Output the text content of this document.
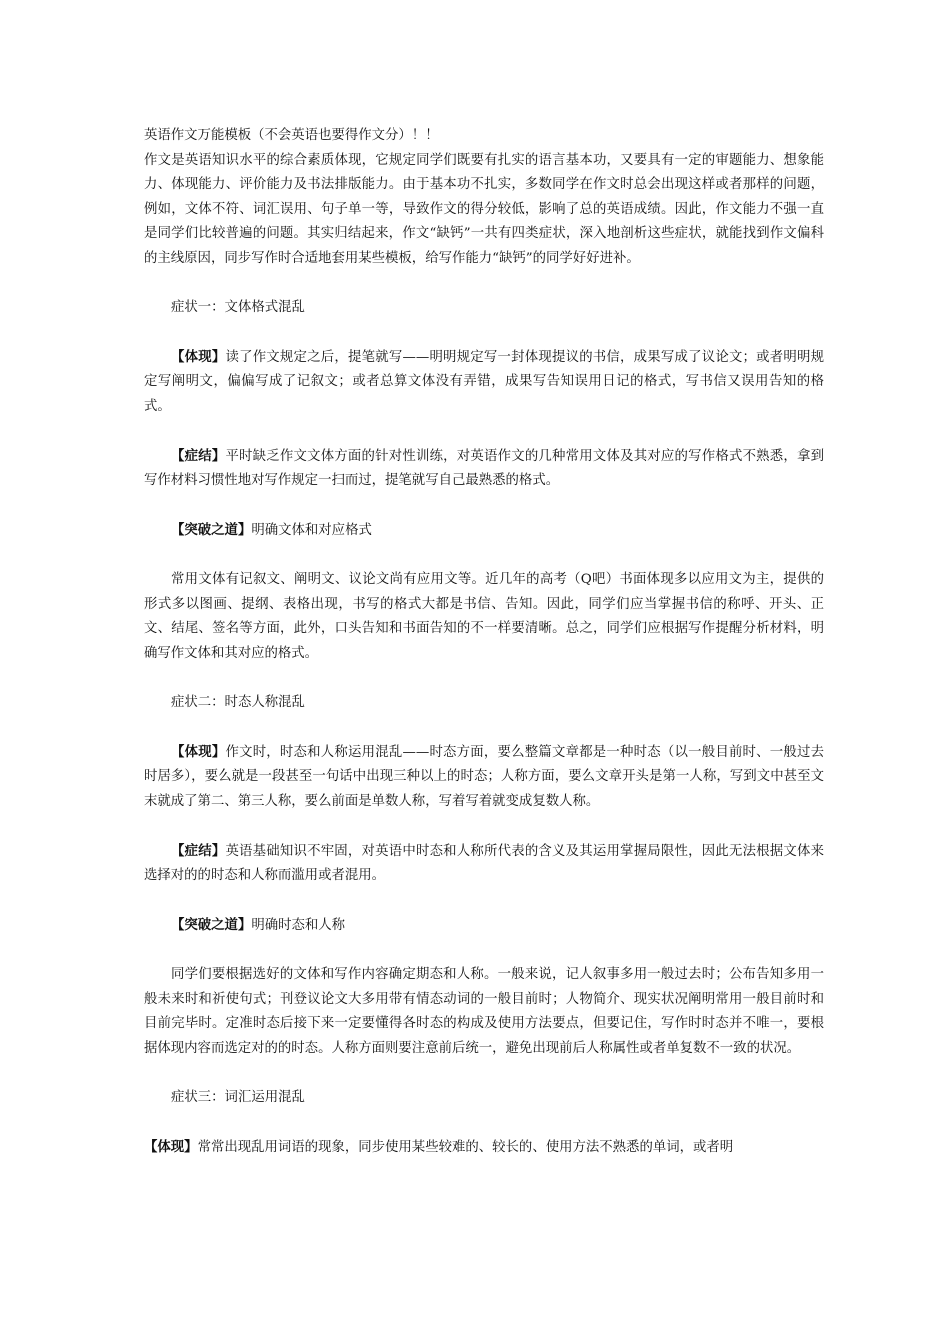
英语作文万能模板（不会英语也要得作文分）！！

作文是英语知识水平的综合素质体现，它规定同学们既要有扎实的语言基本功，又要具有一定的审题能力、想象能力、体现能力、评价能力及书法排版能力。由于基本功不扎实，多数同学在作文时总会出现这样或者那样的问题，例如，文体不符、词汇误用、句子单一等，导致作文的得分较低，影响了总的英语成绩。因此，作文能力不强一直是同学们比较普遍的问题。其实归结起来，作文“缺钙”一共有四类症状，深入地剖析这些症状，就能找到作文偏科的主线原因，同步写作时合适地套用某些模板，给写作能力“缺钙”的同学好好进补。

症状一：文体格式混乱

【体现】读了作文规定之后，提笔就写——明明规定写一封体现提议的书信，成果写成了议论文；或者明明规定写阐明文，偏偏写成了记叙文；或者总算文体没有弄错，成果写告知误用日记的格式，写书信又误用告知的格式。

【症结】平时缺乏作文文体方面的针对性训练，对英语作文的几种常用文体及其对应的写作格式不熟悉，拿到写作材料习惯性地对写作规定一扫而过，提笔就写自己最熟悉的格式。

【突破之道】明确文体和对应格式

常用文体有记叙文、阐明文、议论文尚有应用文等。近几年的高考（Q吧）书面体现多以应用文为主，提供的形式多以图画、提纲、表格出现，书写的格式大都是书信、告知。因此，同学们应当掌握书信的称呼、开头、正文、结尾、签名等方面，此外，口头告知和书面告知的不一样要清晰。总之，同学们应根据写作提醒分析材料，明确写作文体和其对应的格式。

症状二：时态人称混乱

【体现】作文时，时态和人称运用混乱——时态方面，要么整篇文章都是一种时态（以一般目前时、一般过去时居多），要么就是一段甚至一句话中出现三种以上的时态；人称方面，要么文章开头是第一人称，写到文中甚至文末就成了第二、第三人称，要么前面是单数人称，写着写着就变成复数人称。

【症结】英语基础知识不牢固，对英语中时态和人称所代表的含义及其运用掌握局限性，因此无法根据文体来选择对的的时态和人称而滥用或者混用。

【突破之道】明确时态和人称

同学们要根据选好的文体和写作内容确定期态和人称。一般来说，记人叙事多用一般过去时；公布告知多用一般未来时和祈使句式；刊登议论文大多用带有情态动词的一般目前时；人物简介、现实状况阐明常用一般目前时和目前完毕时。定准时态后接下来一定要懂得各时态的构成及使用方法要点，但要记住，写作时时态并不唯一，要根据体现内容而选定对的的时态。人称方面则要注意前后统一，避免出现前后人称属性或者单复数不一致的状况。

症状三：词汇运用混乱

【体现】常常出现乱用词语的现象，同步使用某些较难的、较长的、使用方法不熟悉的单词，或者明
